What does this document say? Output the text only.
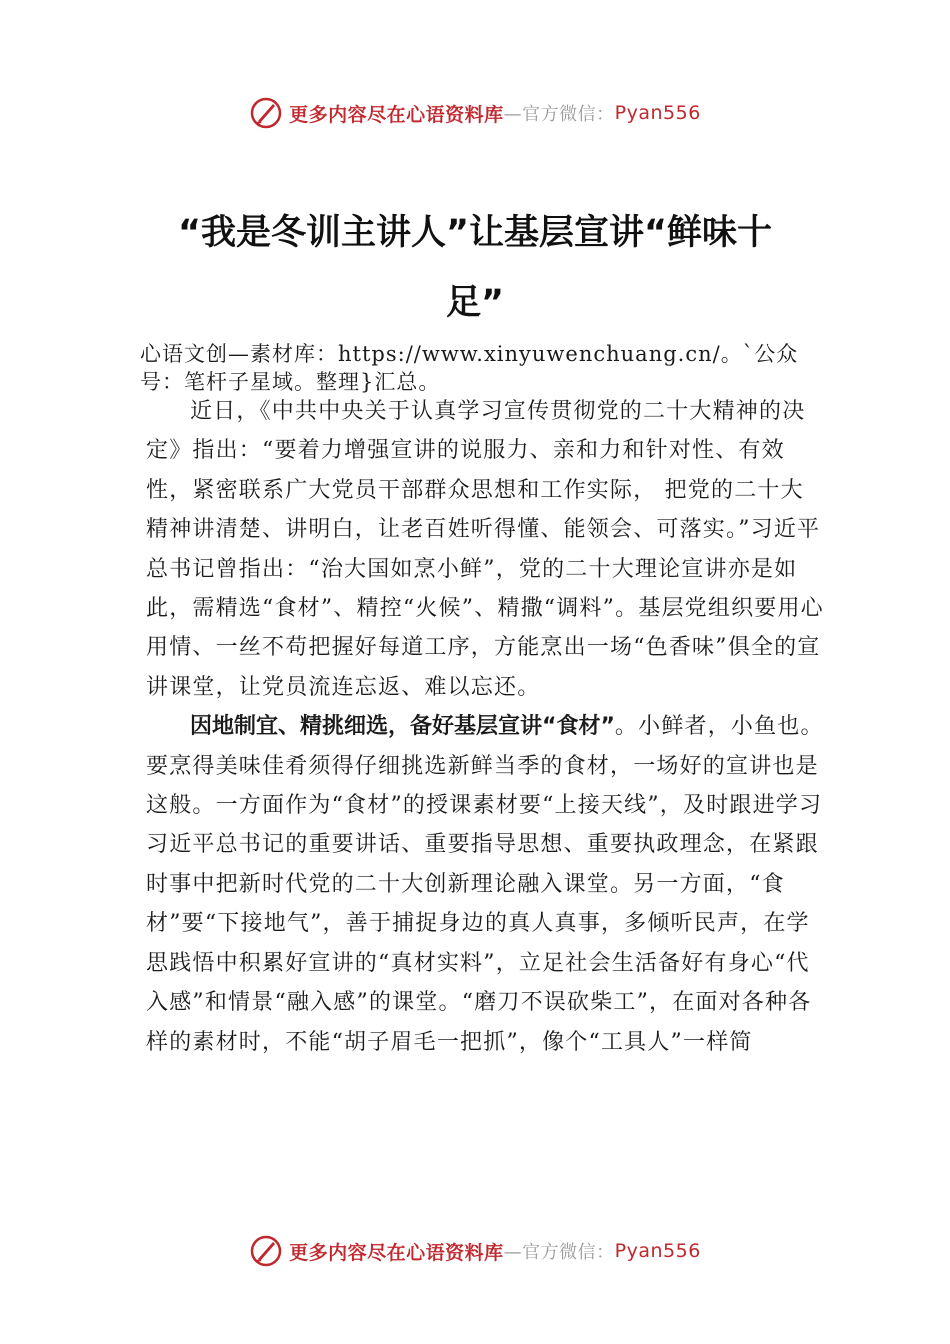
更多内容尽在心语资料库 —官方微信： Pyan556
“我是冬训主讲人”让基层宣讲“鲜味十足”
心语文创—素材库：https://www.xinyuwenchuang.cn/。`公众号：笔杆子星域。整理}汇总。

近日，《中共中央关于认真学习宣传贯彻党的二十大精神的决定》指出：“要着力增强宣讲的说服力、亲和力和针对性、有效性，紧密联系广大党员干部群众思想和工作实际， 把党的二十大精神讲清楚、讲明白，让老百姓听得懂、能领会、可落实。”习近平总书记曾指出：“治大国如烹小鲜”，党的二十大理论宣讲亦是如此，需精选“食材”、精控“火候”、精撒“调料”。基层党组织要用心用情、一丝不苟把握好每道工序，方能烹出一场“色香味”俱全的宣讲课堂，让党员流连忘返、难以忘还。

因地制宜、精挑细选，备好基层宣讲“食材”。小鲜者，小鱼也。要烹得美味佳肴须得仔细挑选新鲜当季的食材，一场好的宣讲也是这般。一方面作为“食材”的授课素材要“上接天线”，及时跟进学习习近平总书记的重要讲话、重要指导思想、重要执政理念，在紧跟时事中把新时代党的二十大创新理论融入课堂。另一方面，“食材”要“下接地气”，善于捕捉身边的真人真事，多倾听民声，在学思践悟中积累好宣讲的“真材实料”，立足社会生活备好有身心“代入感”和情景“融入感”的课堂。“磨刀不误砍柴工”，在面对各种各样的素材时，不能“胡子眉毛一把抓”，像个“工具人”一样简

更多内容尽在心语资料库 —官方微信： Pyan556
